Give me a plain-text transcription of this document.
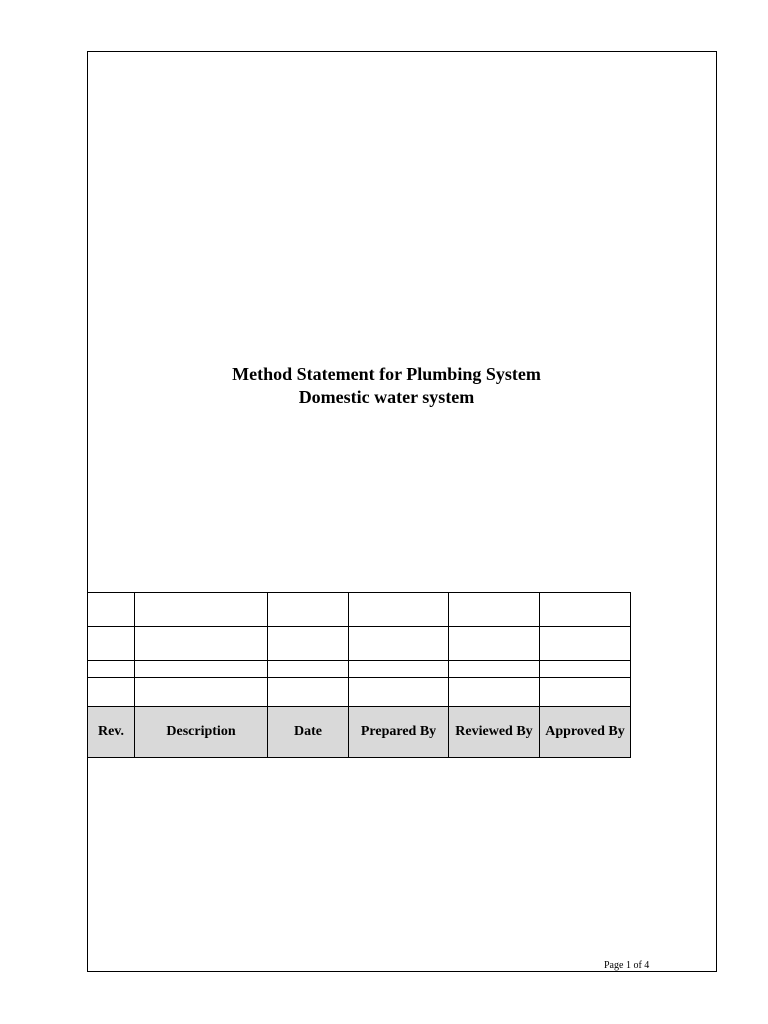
Method Statement for Plumbing System
Domestic water system

Rev.	Description	Date	Prepared By	Reviewed By	Approved By
Page 1 of 4
